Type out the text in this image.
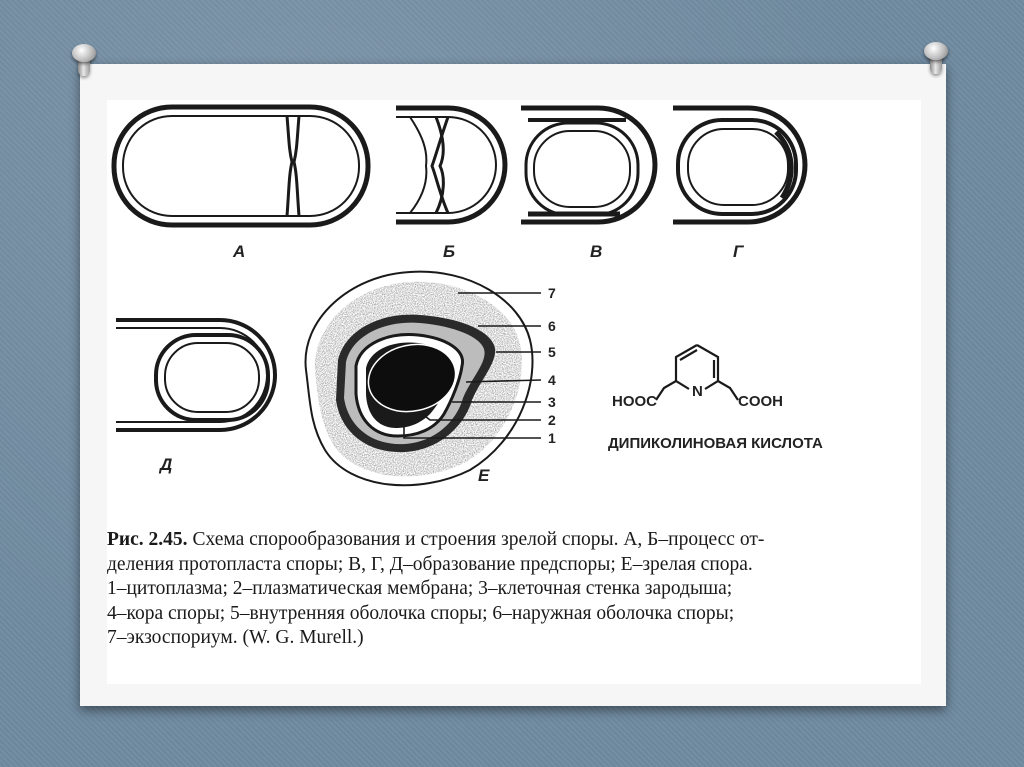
А	Б	В	Г
Д
Е
7
6
5
4
3
2
1
HOOC
N
COOH
ДИПИКОЛИНОВАЯ КИСЛОТА

Рис. 2.45. Схема спорообразования и строения зрелой споры. А, Б–процесс от-

деления протопласта споры; В, Г, Д–образование предспоры; Е–зрелая спора.

1–цитоплазма; 2–плазматическая мембрана; 3–клеточная стенка зародыша;

4–кора споры; 5–внутренняя оболочка споры; 6–наружная оболочка споры;

7–экзоспориум. (W. G. Murell.)
